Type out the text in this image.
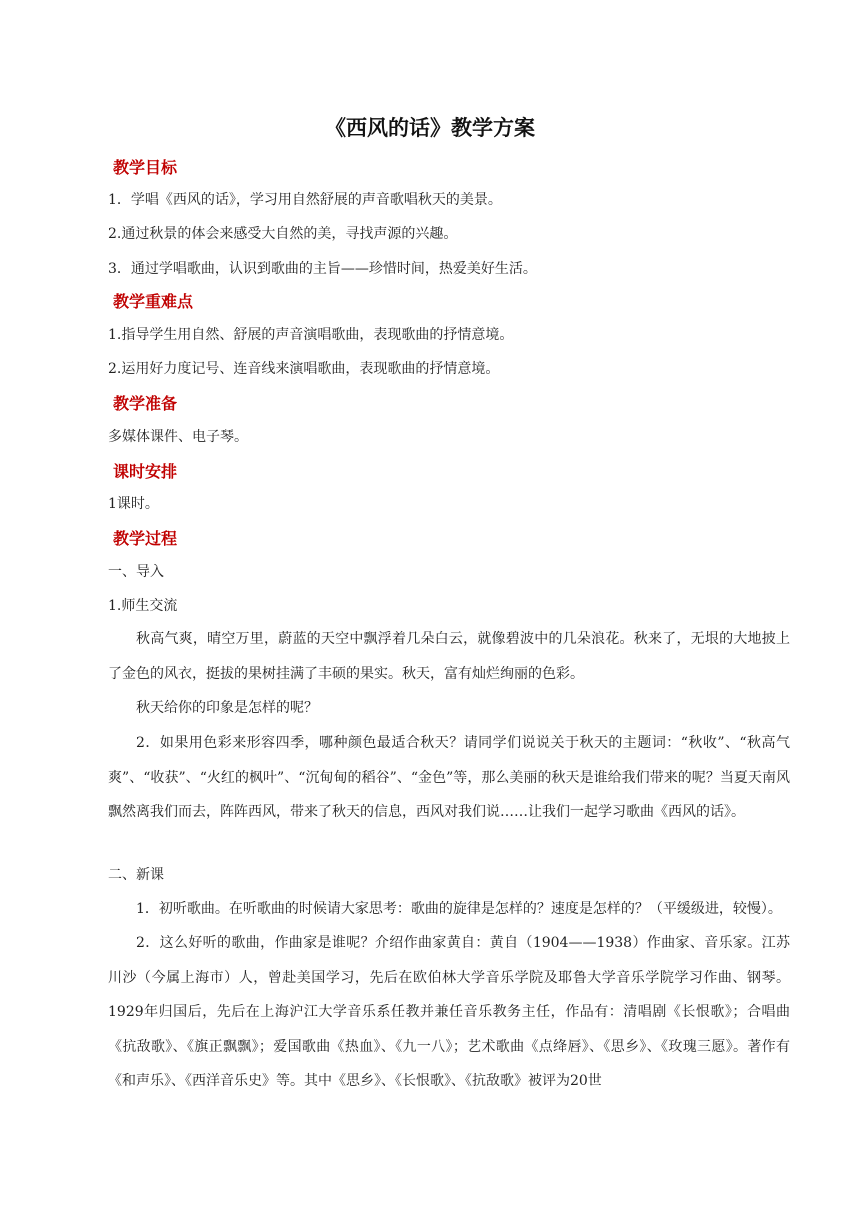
《西风的话》教学方案
教学目标
1．学唱《西风的话》，学习用自然舒展的声音歌唱秋天的美景。
2.通过秋景的体会来感受大自然的美，寻找声源的兴趣。
3．通过学唱歌曲，认识到歌曲的主旨——珍惜时间，热爱美好生活。
教学重难点
1.指导学生用自然、舒展的声音演唱歌曲，表现歌曲的抒情意境。
2.运用好力度记号、连音线来演唱歌曲，表现歌曲的抒情意境。
教学准备
多媒体课件、电子琴。
课时安排
1课时。
教学过程
一、导入
1.师生交流
秋高气爽，晴空万里，蔚蓝的天空中飘浮着几朵白云，就像碧波中的几朵浪花。秋来了，无垠的大地披上了金色的风衣，挺拔的果树挂满了丰硕的果实。秋天，富有灿烂绚丽的色彩。
秋天给你的印象是怎样的呢？
2．如果用色彩来形容四季，哪种颜色最适合秋天？请同学们说说关于秋天的主题词：“秋收”、“秋高气爽”、“收获”、“火红的枫叶”、“沉甸甸的稻谷”、“金色”等，那么美丽的秋天是谁给我们带来的呢？当夏天南风飘然离我们而去，阵阵西风，带来了秋天的信息，西风对我们说……让我们一起学习歌曲《西风的话》。
二、新课
1．初听歌曲。在听歌曲的时候请大家思考：歌曲的旋律是怎样的？速度是怎样的？（平缓级进，较慢）。
2．这么好听的歌曲，作曲家是谁呢？介绍作曲家黄自：黄自（1904——1938）作曲家、音乐家。江苏川沙（今属上海市）人，曾赴美国学习，先后在欧伯林大学音乐学院及耶鲁大学音乐学院学习作曲、钢琴。1929年归国后，先后在上海沪江大学音乐系任教并兼任音乐教务主任，作品有：清唱剧《长恨歌》；合唱曲《抗敌歌》、《旗正飘飘》；爱国歌曲《热血》、《九一八》；艺术歌曲《点绛唇》、《思乡》、《玫瑰三愿》。著作有《和声乐》、《西洋音乐史》等。其中《思乡》、《长恨歌》、《抗敌歌》被评为20世
